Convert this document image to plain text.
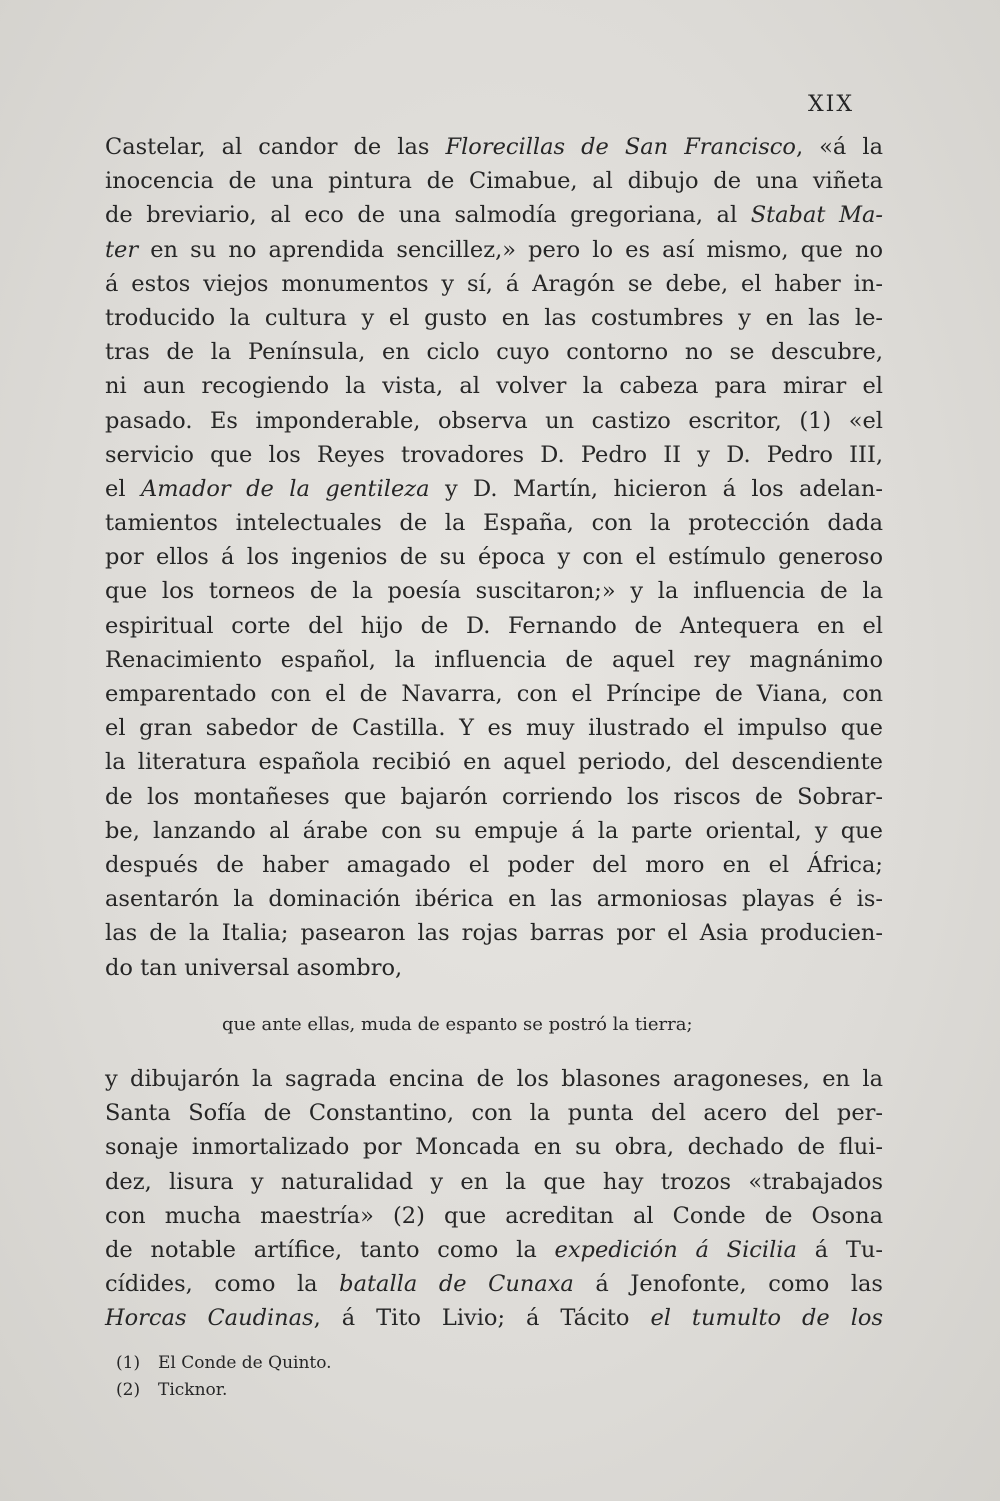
XIX
Castelar, al candor de las Florecillas de San Francisco, «á la
inocencia de una pintura de Cimabue, al dibujo de una viñeta
de breviario, al eco de una salmodía gregoriana, al Stabat Ma-
ter en su no aprendida sencillez,» pero lo es así mismo, que no
á estos viejos monumentos y sí, á Aragón se debe, el haber in-
troducido la cultura y el gusto en las costumbres y en las le-
tras de la Península, en ciclo cuyo contorno no se descubre,
ni aun recogiendo la vista, al volver la cabeza para mirar el
pasado. Es imponderable, observa un castizo escritor, (1) «el
servicio que los Reyes trovadores D. Pedro II y D. Pedro III,
el Amador de la gentileza y D. Martín, hicieron á los adelan-
tamientos intelectuales de la España, con la protección dada
por ellos á los ingenios de su época y con el estímulo generoso
que los torneos de la poesía suscitaron;» y la influencia de la
espiritual corte del hijo de D. Fernando de Antequera en el
Renacimiento español, la influencia de aquel rey magnánimo
emparentado con el de Navarra, con el Príncipe de Viana, con
el gran sabedor de Castilla. Y es muy ilustrado el impulso que
la literatura española recibió en aquel periodo, del descendiente
de los montañeses que bajarón corriendo los riscos de Sobrar-
be, lanzando al árabe con su empuje á la parte oriental, y que
después de haber amagado el poder del moro en el África;
asentarón la dominación ibérica en las armoniosas playas é is-
las de la Italia; pasearon las rojas barras por el Asia producien-
do tan universal asombro,
que ante ellas, muda de espanto se postró la tierra;
y dibujarón la sagrada encina de los blasones aragoneses, en la
Santa Sofía de Constantino, con la punta del acero del per-
sonaje inmortalizado por Moncada en su obra, dechado de flui-
dez, lisura y naturalidad y en la que hay trozos «trabajados
con mucha maestría» (2) que acreditan al Conde de Osona
de notable artífice, tanto como la expedición á Sicilia á Tu-
cídides, como la batalla de Cunaxa á Jenofonte, como las
Horcas Caudinas, á Tito Livio; á Tácito el tumulto de los
(1) El Conde de Quinto.
(2) Ticknor.
